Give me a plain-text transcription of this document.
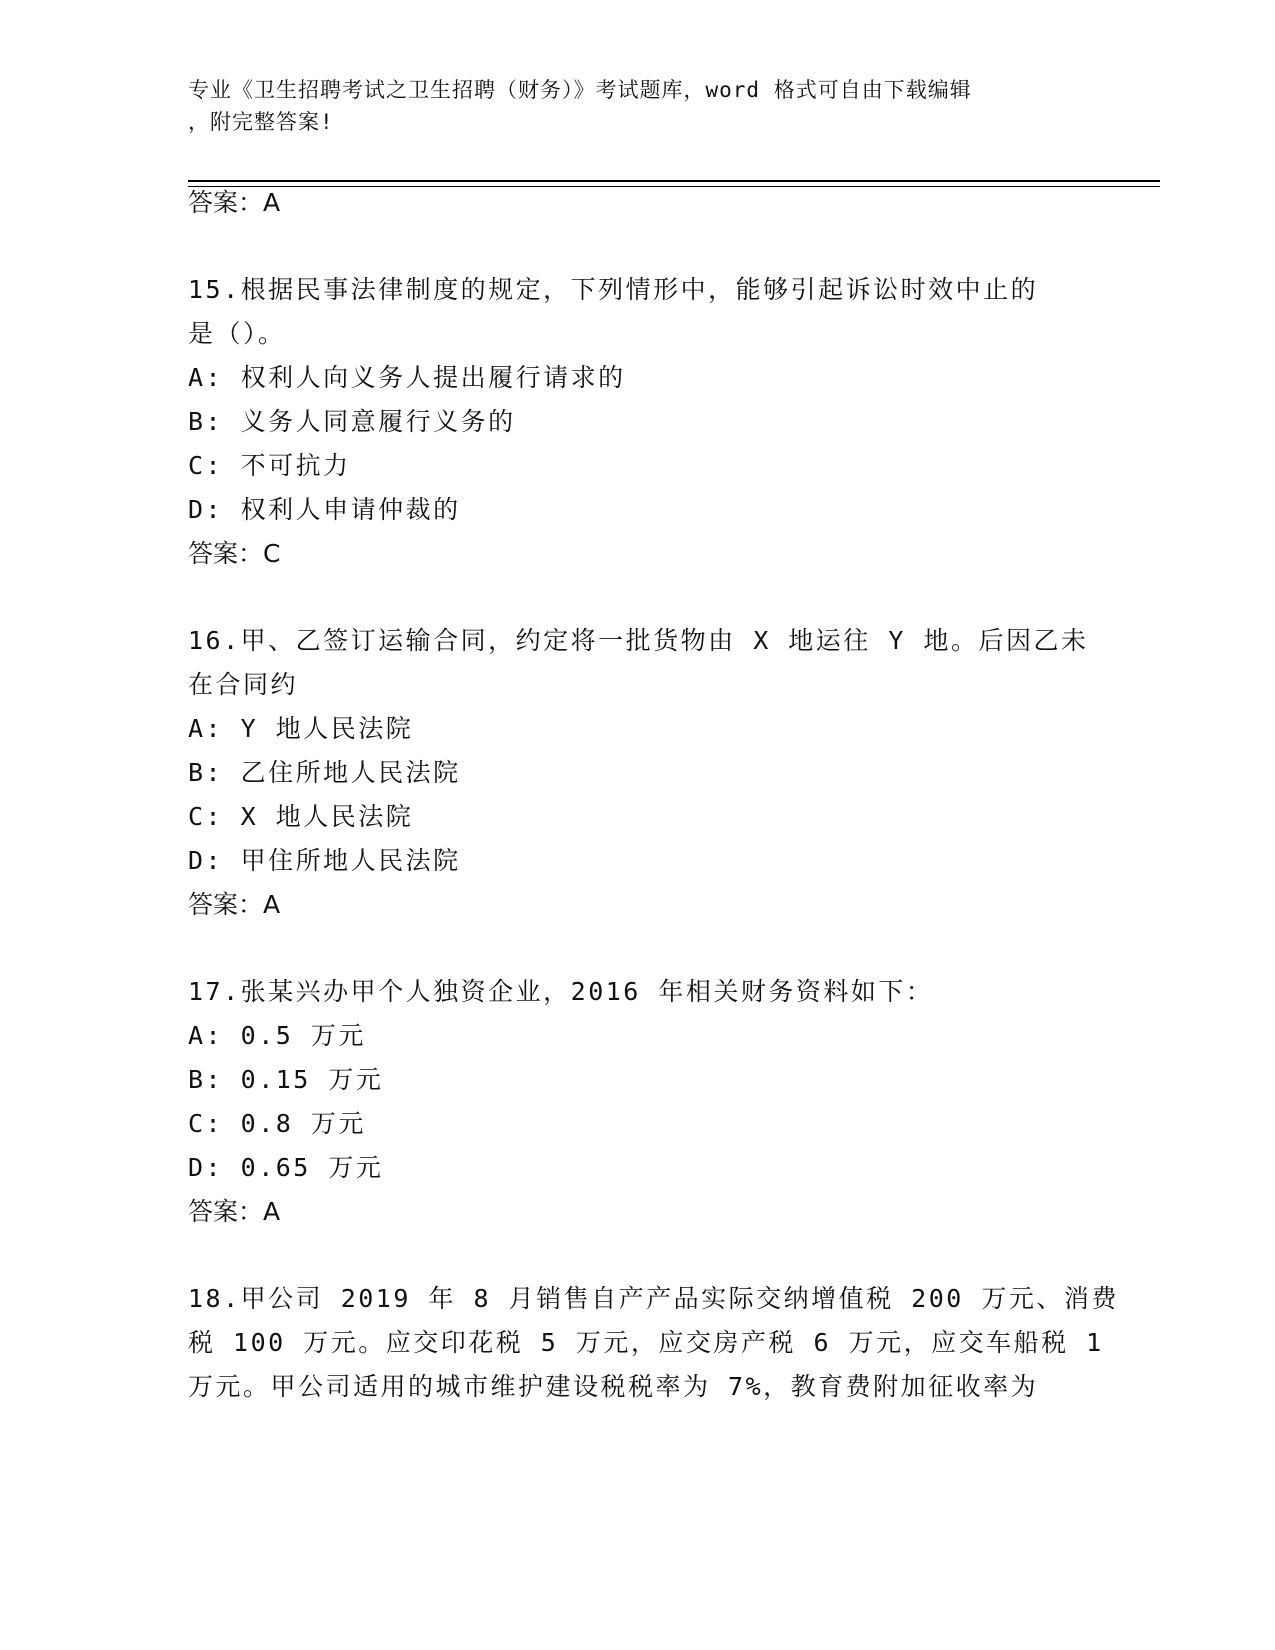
专业《卫生招聘考试之卫生招聘（财务）》考试题库，word 格式可自由下载编辑
，附完整答案!
答案：A
15.根据民事法律制度的规定，下列情形中，能够引起诉讼时效中止的
是（）。
A: 权利人向义务人提出履行请求的
B: 义务人同意履行义务的
C: 不可抗力
D: 权利人申请仲裁的
答案：C
16.甲、乙签订运输合同，约定将一批货物由 X 地运往 Y 地。后因乙未
在合同约
A: Y 地人民法院
B: 乙住所地人民法院
C: X 地人民法院
D: 甲住所地人民法院
答案：A
17.张某兴办甲个人独资企业，2016 年相关财务资料如下：
A: 0.5 万元
B: 0.15 万元
C: 0.8 万元
D: 0.65 万元
答案：A
18.甲公司 2019 年 8 月销售自产产品实际交纳增值税 200 万元、消费
税 100 万元。应交印花税 5 万元，应交房产税 6 万元，应交车船税 1
万元。甲公司适用的城市维护建设税税率为 7%，教育费附加征收率为
